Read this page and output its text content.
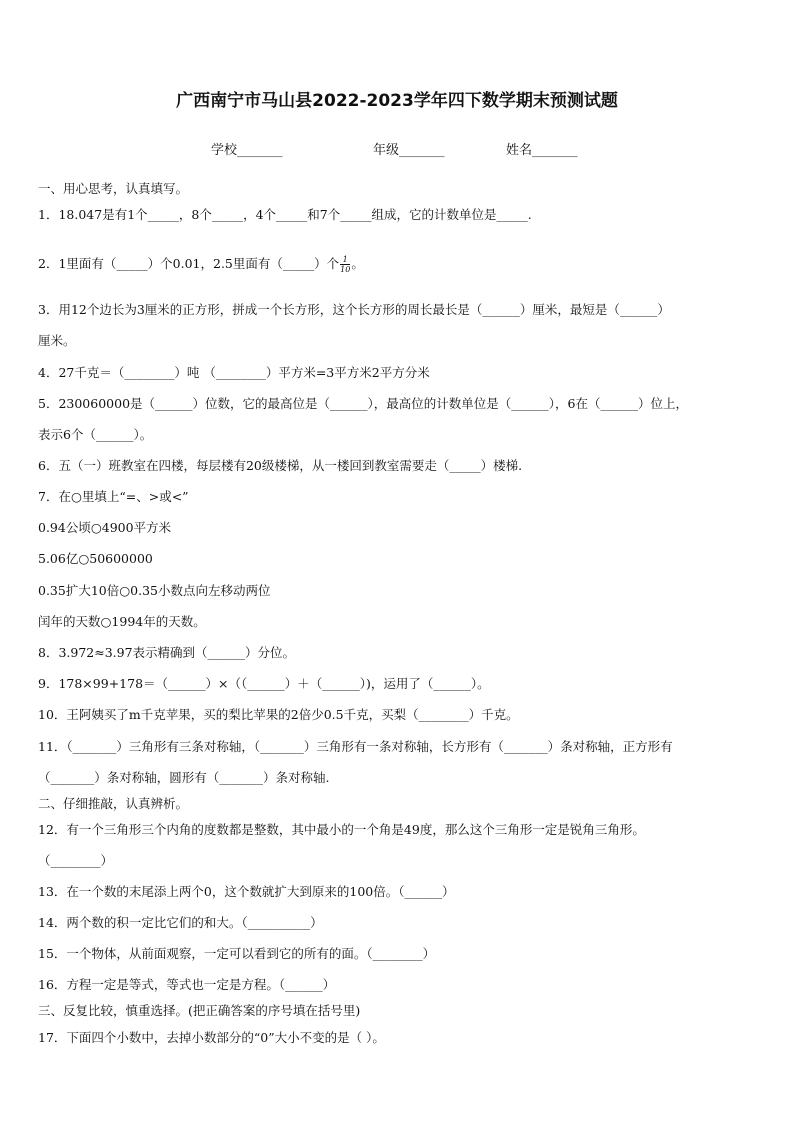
广西南宁市马山县2022-2023学年四下数学期末预测试题
学校_______	年级_______	姓名_______
一、用心思考，认真填写。
1．18.047是有1个_____，8个_____，4个_____和7个_____组成，它的计数单位是_____.
2．1里面有（_____）个0.01，2.5里面有（_____）个 $\frac{1}{10}$ 。
3．用12个边长为3厘米的正方形，拼成一个长方形，这个长方形的周长最长是（______）厘米，最短是（______）
厘米。
4．27千克＝（________）吨 （________）平方米=3平方米2平方分米
5．230060000是（______）位数，它的最高位是（______），最高位的计数单位是（______），6在（______）位上，
表示6个（______）。
6．五（一）班教室在四楼，每层楼有20级楼梯，从一楼回到教室需要走（_____）楼梯.
7．在○里填上“=、>或<”
0.94公顷○4900平方米
5.06亿○50600000
0.35扩大10倍○0.35小数点向左移动两位
闰年的天数○1994年的天数。
8．3.972≈3.97表示精确到（______）分位。
9．178×99+178＝（______）×（（______）＋（______）)，运用了（______）。
10．王阿姨买了m千克苹果，买的梨比苹果的2倍少0.5千克，买梨（________）千克。
11．（_______）三角形有三条对称轴，（_______）三角形有一条对称轴，长方形有（_______）条对称轴，正方形有
（_______）条对称轴，圆形有（_______）条对称轴.
二、仔细推敲，认真辨析。
12．有一个三角形三个内角的度数都是整数，其中最小的一个角是49度，那么这个三角形一定是锐角三角形。
（________）
13．在一个数的末尾添上两个0，这个数就扩大到原来的100倍。（______）
14．两个数的积一定比它们的和大。（__________）
15．一个物体，从前面观察，一定可以看到它的所有的面。（________）
16．方程一定是等式，等式也一定是方程。（______）
三、反复比较，慎重选择。(把正确答案的序号填在括号里)
17．下面四个小数中，去掉小数部分的“0”大小不变的是（ ）。
